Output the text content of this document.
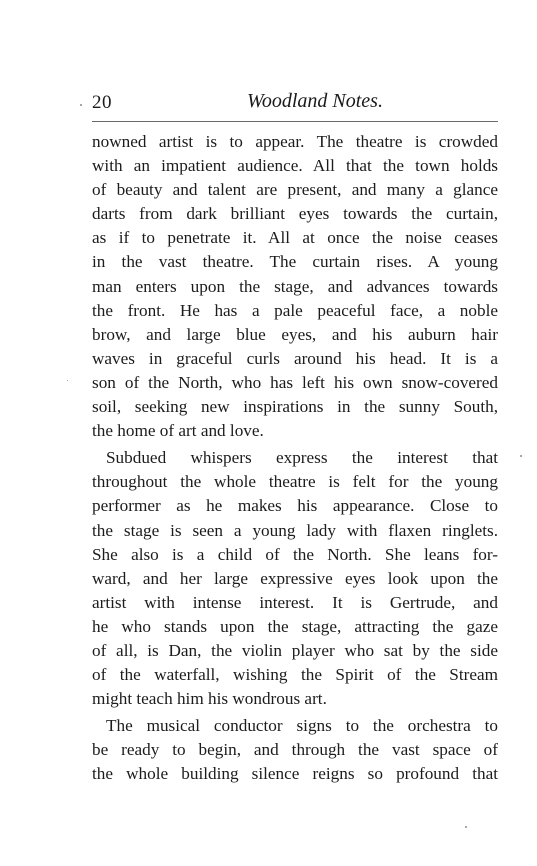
20	Woodland Notes.
nowned artist is to appear. The theatre is crowded
with an impatient audience. All that the town holds
of beauty and talent are present, and many a glance
darts from dark brilliant eyes towards the curtain,
as if to penetrate it. All at once the noise ceases
in the vast theatre. The curtain rises. A young
man enters upon the stage, and advances towards
the front. He has a pale peaceful face, a noble
brow, and large blue eyes, and his auburn hair
waves in graceful curls around his head. It is a
son of the North, who has left his own snow-covered
soil, seeking new inspirations in the sunny South,
the home of art and love.
Subdued whispers express the interest that
throughout the whole theatre is felt for the young
performer as he makes his appearance. Close to
the stage is seen a young lady with flaxen ringlets.
She also is a child of the North. She leans for-
ward, and her large expressive eyes look upon the
artist with intense interest. It is Gertrude, and
he who stands upon the stage, attracting the gaze
of all, is Dan, the violin player who sat by the side
of the waterfall, wishing the Spirit of the Stream
might teach him his wondrous art.
The musical conductor signs to the orchestra to
be ready to begin, and through the vast space of
the whole building silence reigns so profound that
